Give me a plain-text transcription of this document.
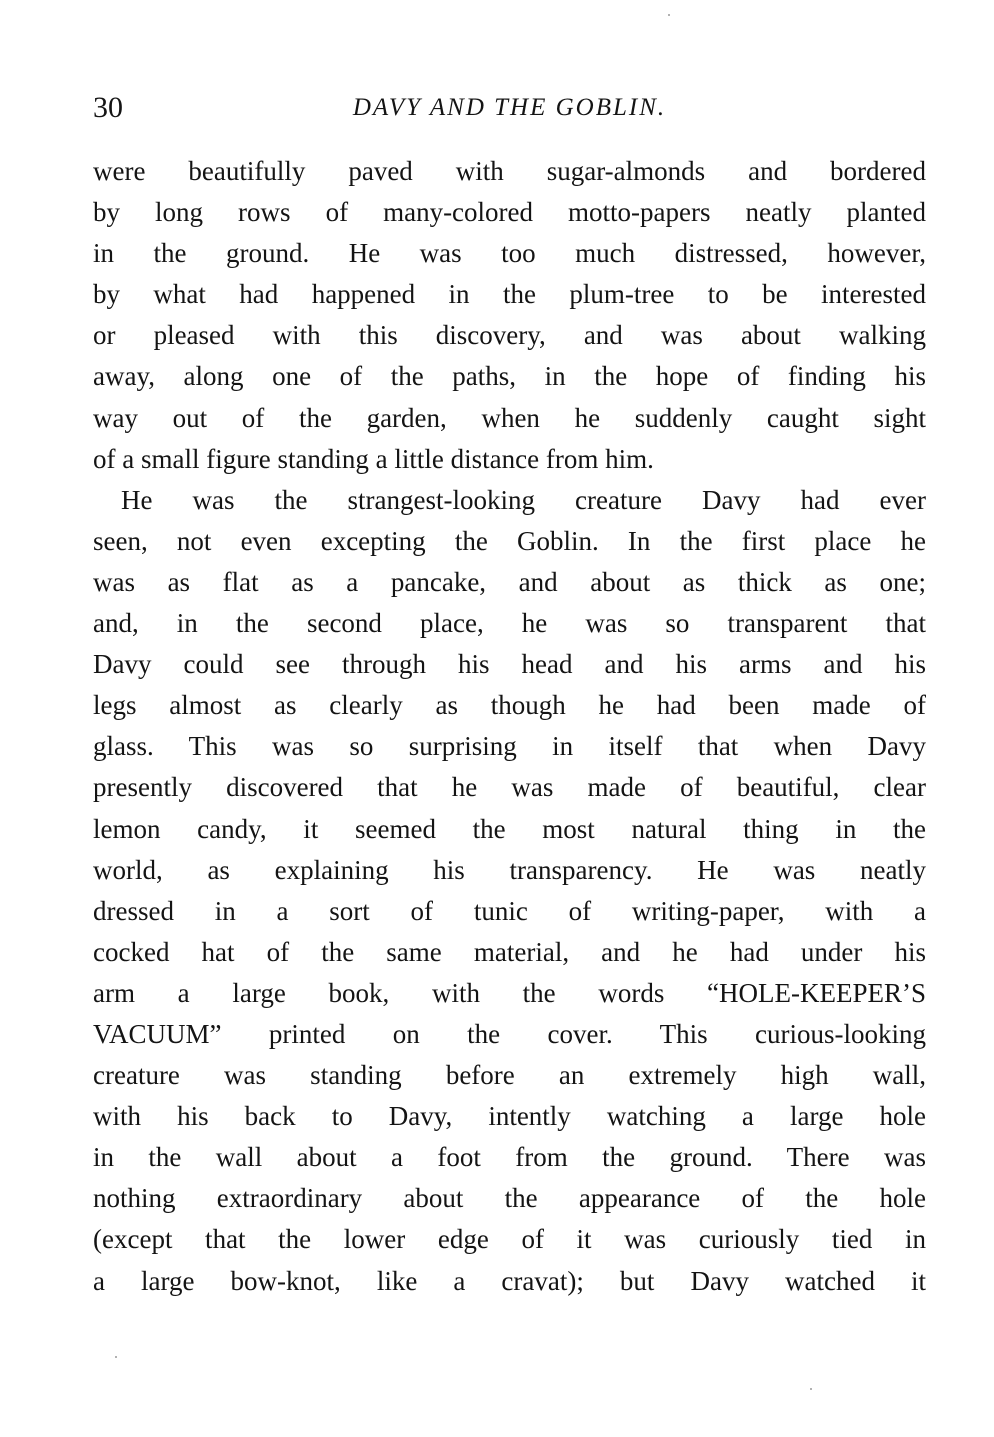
30	DAVY AND THE GOBLIN.
were beautifully paved with sugar-almonds and bordered
by long rows of many-colored motto-papers neatly planted
in the ground. He was too much distressed, however,
by what had happened in the plum-tree to be interested
or pleased with this discovery, and was about walking
away, along one of the paths, in the hope of finding his
way out of the garden, when he suddenly caught sight
of a small figure standing a little distance from him.
He was the strangest-looking creature Davy had ever
seen, not even excepting the Goblin. In the first place he
was as flat as a pancake, and about as thick as one;
and, in the second place, he was so transparent that
Davy could see through his head and his arms and his
legs almost as clearly as though he had been made of
glass. This was so surprising in itself that when Davy
presently discovered that he was made of beautiful, clear
lemon candy, it seemed the most natural thing in the
world, as explaining his transparency. He was neatly
dressed in a sort of tunic of writing-paper, with a
cocked hat of the same material, and he had under his
arm a large book, with the words “HOLE-KEEPER’S
VACUUM” printed on the cover. This curious-looking
creature was standing before an extremely high wall,
with his back to Davy, intently watching a large hole
in the wall about a foot from the ground. There was
nothing extraordinary about the appearance of the hole
(except that the lower edge of it was curiously tied in
a large bow-knot, like a cravat); but Davy watched it
